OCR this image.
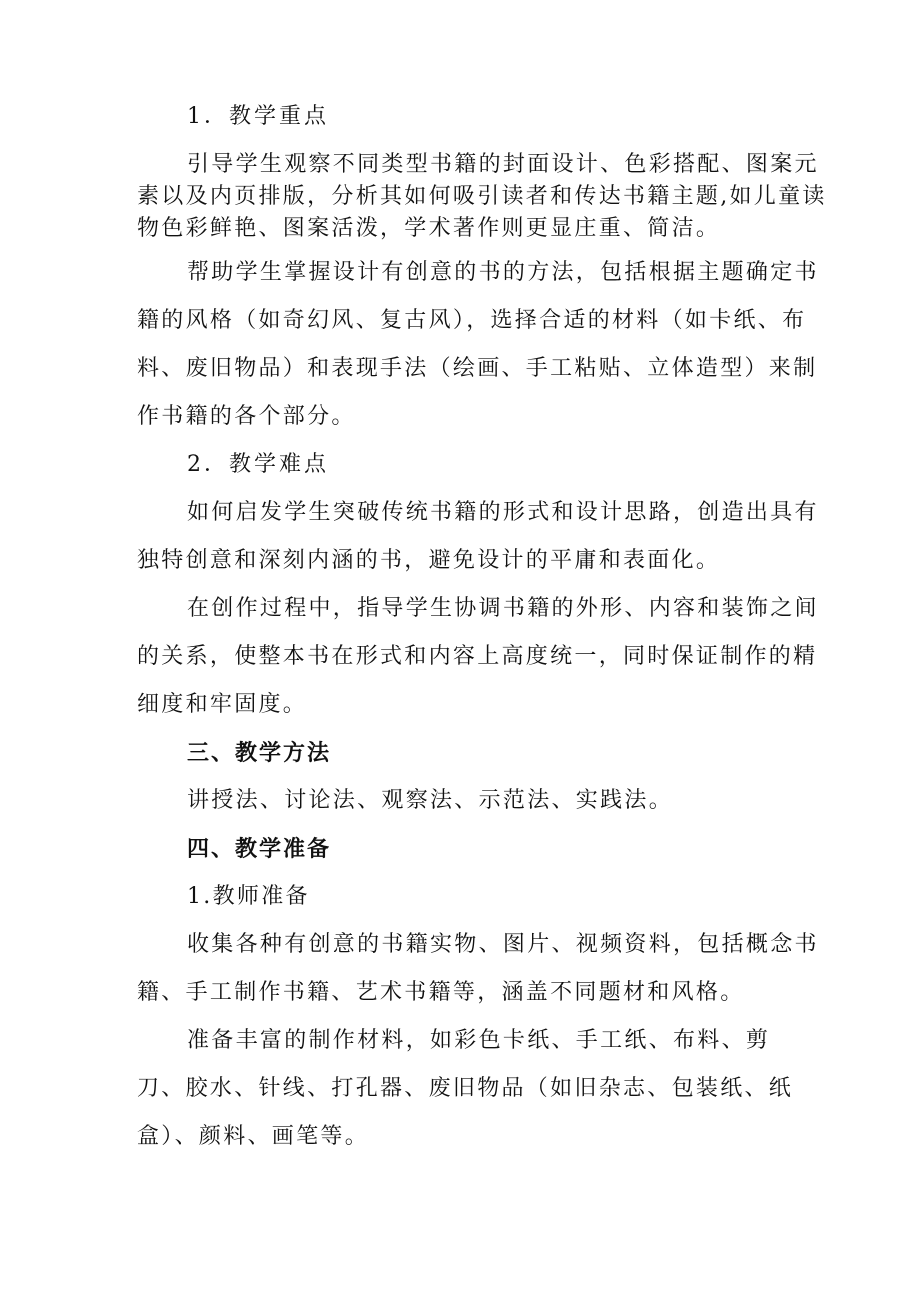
1．教学重点
引导学生观察不同类型书籍的封面设计、色彩搭配、图案元
素以及内页排版，分析其如何吸引读者和传达书籍主题,如儿童读
物色彩鲜艳、图案活泼，学术著作则更显庄重、简洁。
帮助学生掌握设计有创意的书的方法，包括根据主题确定书
籍的风格（如奇幻风、复古风），选择合适的材料（如卡纸、布
料、废旧物品）和表现手法（绘画、手工粘贴、立体造型）来制
作书籍的各个部分。
2．教学难点
如何启发学生突破传统书籍的形式和设计思路，创造出具有
独特创意和深刻内涵的书，避免设计的平庸和表面化。
在创作过程中，指导学生协调书籍的外形、内容和装饰之间
的关系，使整本书在形式和内容上高度统一，同时保证制作的精
细度和牢固度。
三、教学方法
讲授法、讨论法、观察法、示范法、实践法。
四、教学准备
1.教师准备
收集各种有创意的书籍实物、图片、视频资料，包括概念书
籍、手工制作书籍、艺术书籍等，涵盖不同题材和风格。
准备丰富的制作材料，如彩色卡纸、手工纸、布料、剪
刀、胶水、针线、打孔器、废旧物品（如旧杂志、包装纸、纸
盒）、颜料、画笔等。
